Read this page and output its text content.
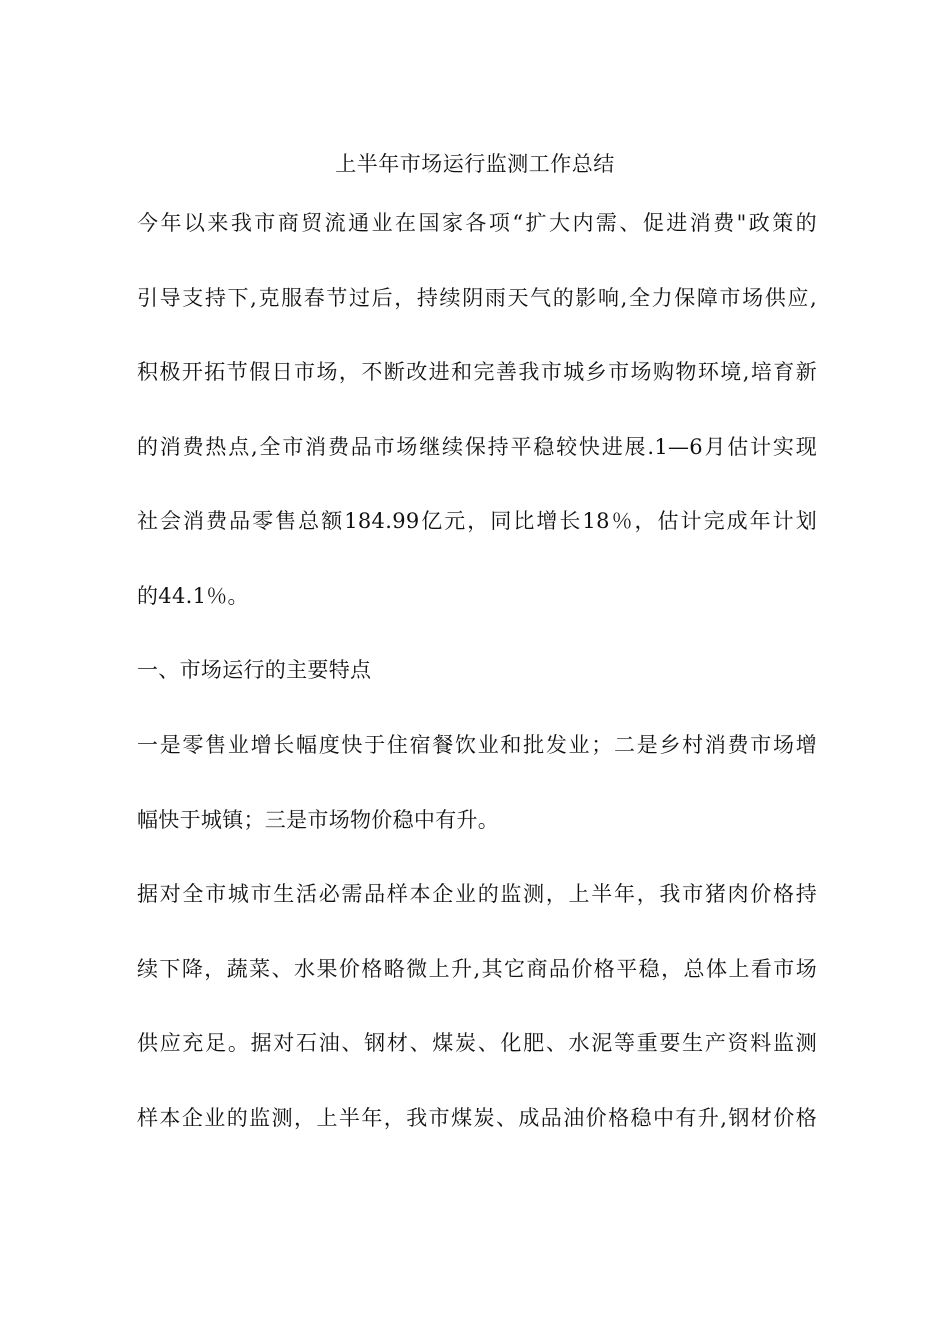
上半年市场运行监测工作总结
今年以来我市商贸流通业在国家各项“扩大内需、促进消费"政策的
引导支持下,克服春节过后，持续阴雨天气的影响,全力保障市场供应,
积极开拓节假日市场，不断改进和完善我市城乡市场购物环境,培育新
的消费热点,全市消费品市场继续保持平稳较快进展.1—6月估计实现
社会消费品零售总额184.99亿元，同比增长18％，估计完成年计划
的44.1％。
一、市场运行的主要特点
一是零售业增长幅度快于住宿餐饮业和批发业；二是乡村消费市场增
幅快于城镇；三是市场物价稳中有升。
据对全市城市生活必需品样本企业的监测，上半年，我市猪肉价格持
续下降，蔬菜、水果价格略微上升,其它商品价格平稳，总体上看市场
供应充足。据对石油、钢材、煤炭、化肥、水泥等重要生产资料监测
样本企业的监测，上半年，我市煤炭、成品油价格稳中有升,钢材价格
